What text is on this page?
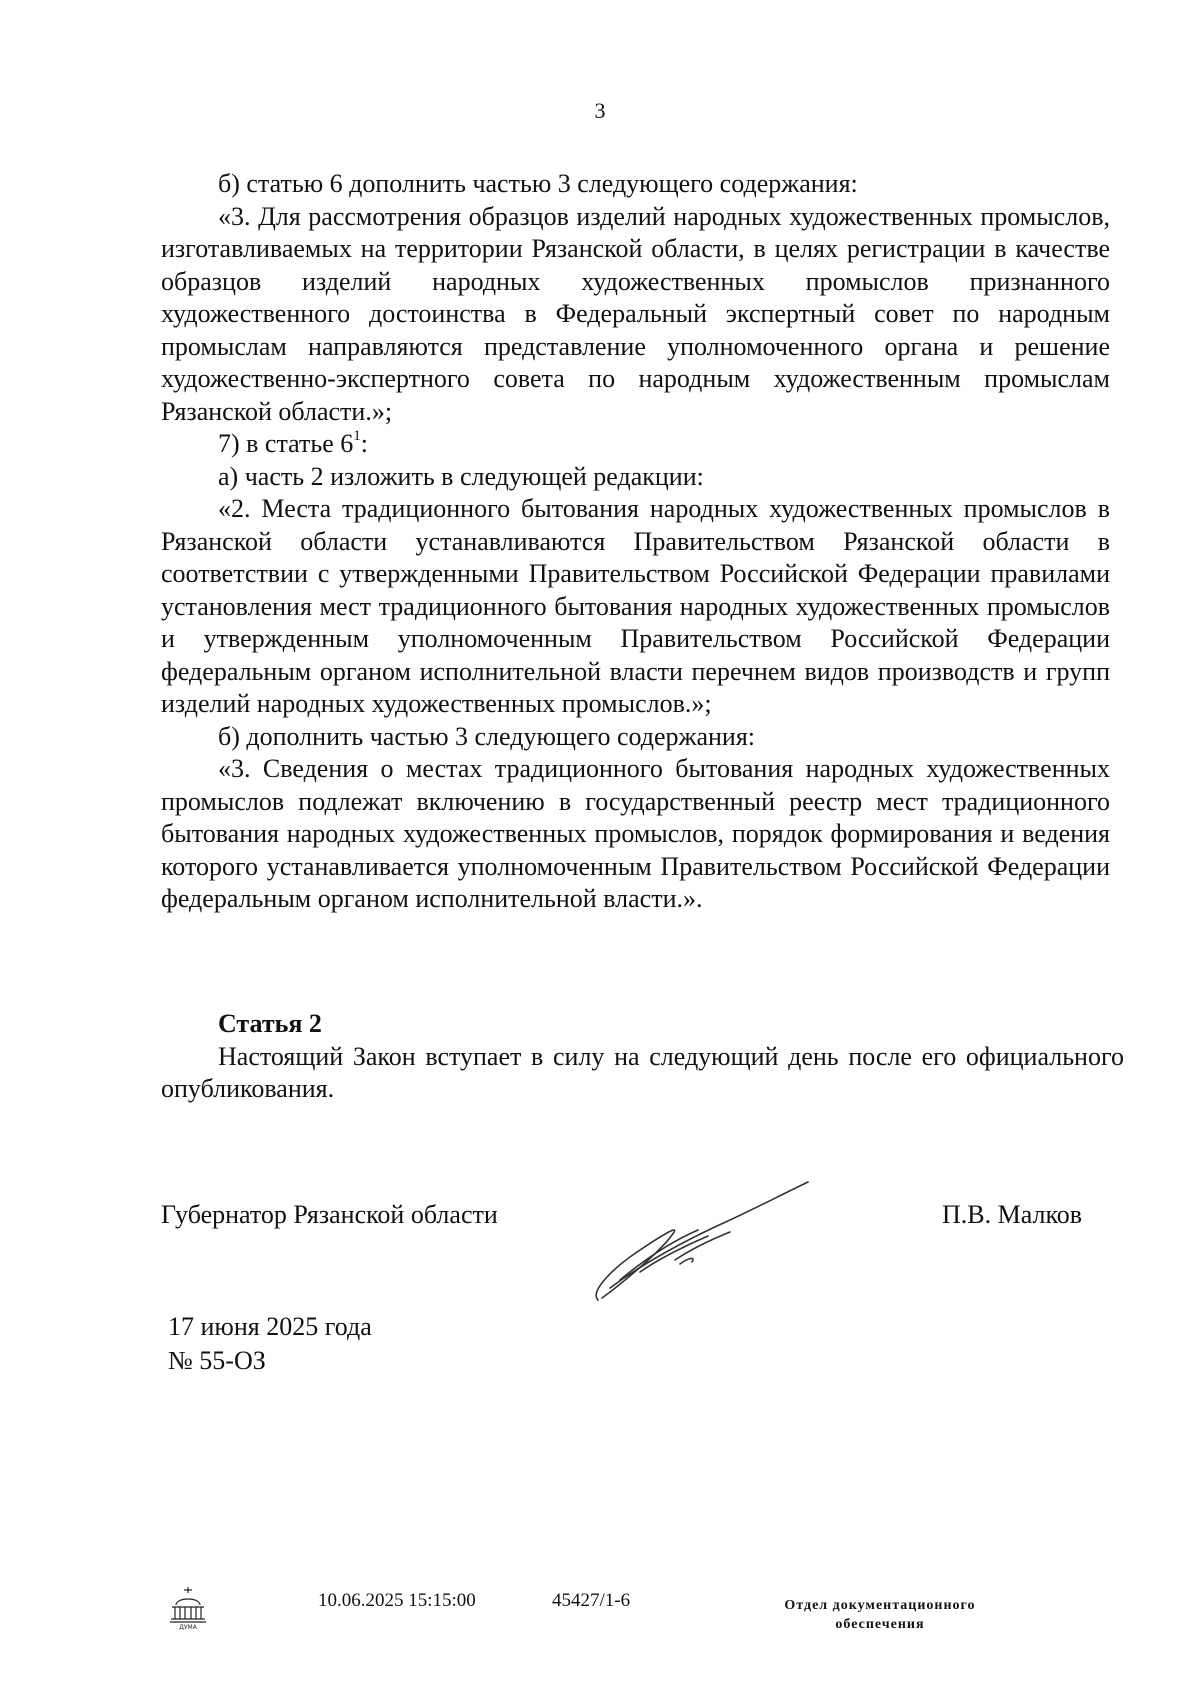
3

б) статью 6 дополнить частью 3 следующего содержания:

«3. Для рассмотрения образцов изделий народных художественных промыслов, изготавливаемых на территории Рязанской области, в целях регистрации в качестве образцов изделий народных художественных промыслов признанного художественного достоинства в Федеральный экспертный совет по народным промыслам направляются представление уполномоченного органа и решение художественно-экспертного совета по народным художественным промыслам Рязанской области.»;

7) в статье $6^1$:

а) часть 2 изложить в следующей редакции:

«2. Места традиционного бытования народных художественных промыслов в Рязанской области устанавливаются Правительством Рязанской области в соответствии с утвержденными Правительством Российской Федерации правилами установления мест традиционного бытования народных художественных промыслов и утвержденным уполномоченным Правительством Российской Федерации федеральным органом исполнительной власти перечнем видов производств и групп изделий народных художественных промыслов.»;

б) дополнить частью 3 следующего содержания:

«3. Сведения о местах традиционного бытования народных художественных промыслов подлежат включению в государственный реестр мест традиционного бытования народных художественных промыслов, порядок формирования и ведения которого устанавливается уполномоченным Правительством Российской Федерации федеральным органом исполнительной власти.».

Статья 2

Настоящий Закон вступает в силу на следующий день после его официального опубликования.

Губернатор Рязанской области	П.В. Малков
17 июня 2025 года
№ 55-ОЗ
ДУМА
10.06.2025 15:15:00	45427/1-6	Отдел документационного
обеспечения
